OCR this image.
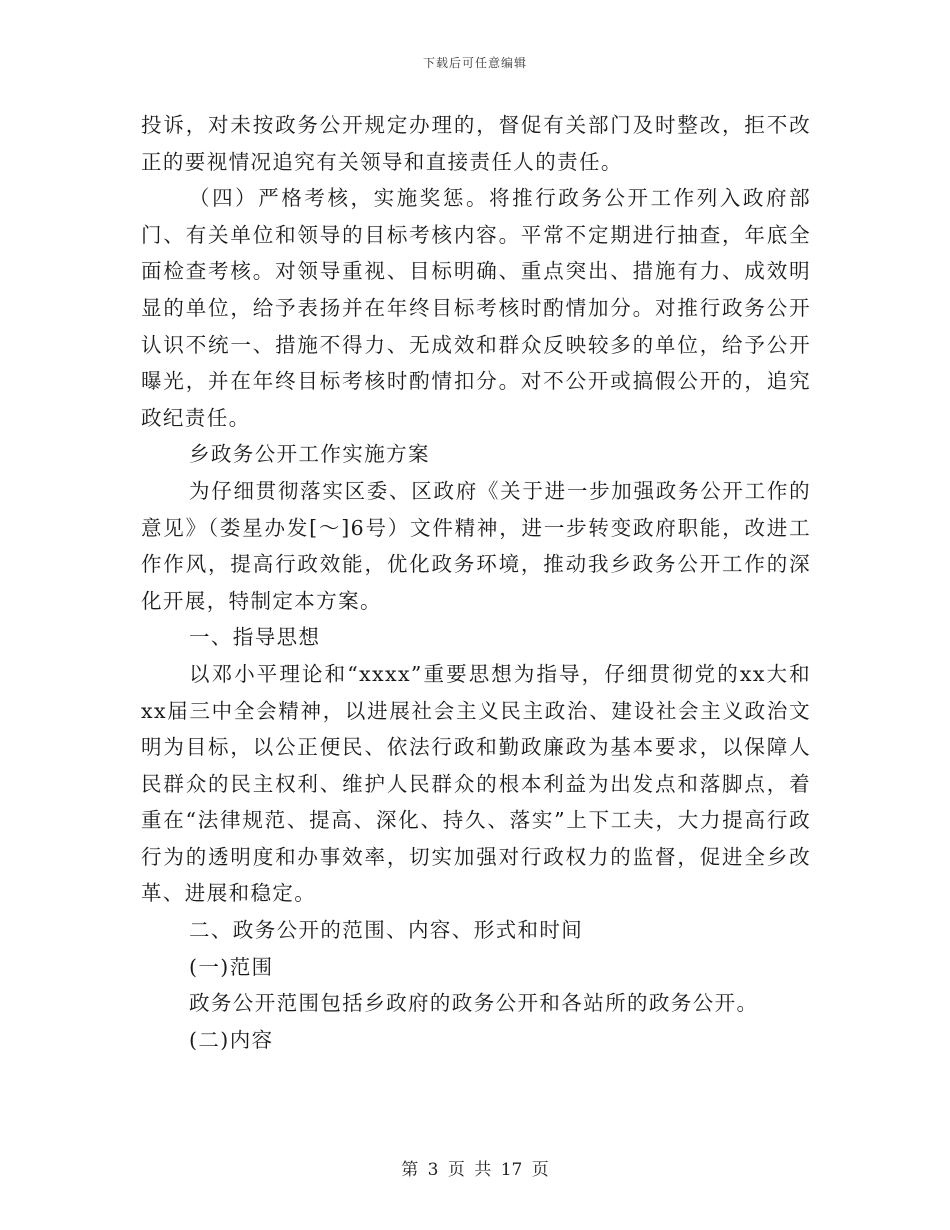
下载后可任意编辑

投诉，对未按政务公开规定办理的，督促有关部门及时整改，拒不改正的要视情况追究有关领导和直接责任人的责任。

（四）严格考核，实施奖惩。将推行政务公开工作列入政府部门、有关单位和领导的目标考核内容。平常不定期进行抽查，年底全面检查考核。对领导重视、目标明确、重点突出、措施有力、成效明显的单位，给予表扬并在年终目标考核时酌情加分。对推行政务公开认识不统一、措施不得力、无成效和群众反映较多的单位，给予公开曝光，并在年终目标考核时酌情扣分。对不公开或搞假公开的，追究政纪责任。

乡政务公开工作实施方案

为仔细贯彻落实区委、区政府《关于进一步加强政务公开工作的意见》（娄星办发[～]6号）文件精神，进一步转变政府职能，改进工作作风，提高行政效能，优化政务环境，推动我乡政务公开工作的深化开展，特制定本方案。

一、指导思想

以邓小平理论和“xxxx”重要思想为指导，仔细贯彻党的xx大和xx届三中全会精神，以进展社会主义民主政治、建设社会主义政治文明为目标，以公正便民、依法行政和勤政廉政为基本要求，以保障人民群众的民主权利、维护人民群众的根本利益为出发点和落脚点，着重在“法律规范、提高、深化、持久、落实”上下工夫，大力提高行政行为的透明度和办事效率，切实加强对行政权力的监督，促进全乡改革、进展和稳定。

二、政务公开的范围、内容、形式和时间

(一)范围

政务公开范围包括乡政府的政务公开和各站所的政务公开。

(二)内容

第 3 页 共 17 页
